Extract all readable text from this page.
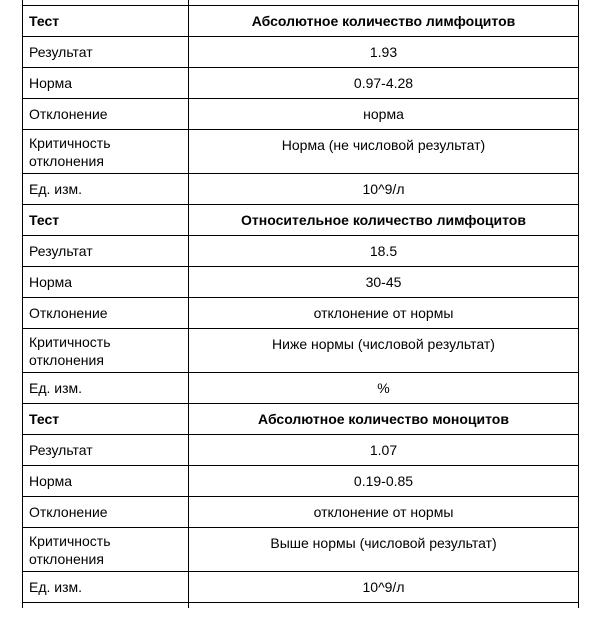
Тест	Абсолютное количество лимфоцитов
Результат	1.93
Норма	0.97-4.28
Отклонение	норма
Критичность отклонения	Норма (не числовой результат)
Ед. изм.	10^9/л
Тест	Относительное количество лимфоцитов
Результат	18.5
Норма	30-45
Отклонение	отклонение от нормы
Критичность отклонения	Ниже нормы (числовой результат)
Ед. изм.	%
Тест	Абсолютное количество моноцитов
Результат	1.07
Норма	0.19-0.85
Отклонение	отклонение от нормы
Критичность отклонения	Выше нормы (числовой результат)
Ед. изм.	10^9/л
